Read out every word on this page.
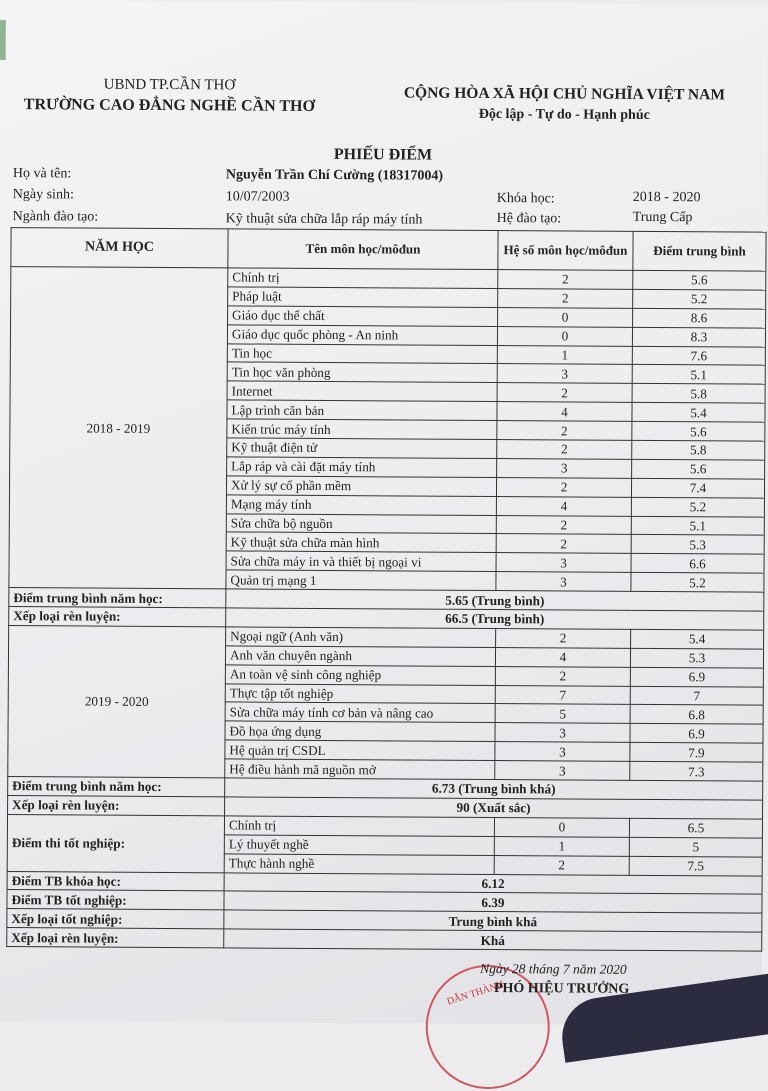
UBND TP.CẦN THƠ
TRƯỜNG CAO ĐẲNG NGHỀ CẦN THƠ
CỘNG HÒA XÃ HỘI CHỦ NGHĨA VIỆT NAM
Độc lập - Tự do - Hạnh phúc
PHIẾU ĐIỂM
Họ và tên:	Nguyễn Trần Chí Cường (18317004)
Ngày sinh:	10/07/2003	Khóa học:	2018 - 2020
Ngành đào tạo:	Kỹ thuật sửa chữa lắp ráp máy tính	Hệ đào tạo:	Trung Cấp
NĂM HỌC	Tên môn học/môđun	Hệ số môn học/môđun	Điểm trung bình
2018 - 2019	Chính trị	2	5.6
	Pháp luật	2	5.2
	Giáo dục thể chất	0	8.6
	Giáo dục quốc phòng - An ninh	0	8.3
	Tin học	1	7.6
	Tin học văn phòng	3	5.1
	Internet	2	5.8
	Lập trình căn bản	4	5.4
	Kiến trúc máy tính	2	5.6
	Kỹ thuật điện tử	2	5.8
	Lắp ráp và cài đặt máy tính	3	5.6
	Xử lý sự cố phần mềm	2	7.4
	Mạng máy tính	4	5.2
	Sửa chữa bộ nguồn	2	5.1
	Kỹ thuật sửa chữa màn hình	2	5.3
	Sửa chữa máy in và thiết bị ngoại vi	3	6.6
	Quản trị mạng 1	3	5.2
Điểm trung bình năm học:	5.65 (Trung bình)		
Xếp loại rèn luyện:	66.5 (Trung bình)		
2019 - 2020	Ngoại ngữ (Anh văn)	2	5.4
	Anh văn chuyên ngành	4	5.3
	An toàn vệ sinh công nghiệp	2	6.9
	Thực tập tốt nghiệp	7	7
	Sửa chữa máy tính cơ bản và nâng cao	5	6.8
	Đồ họa ứng dụng	3	6.9
	Hệ quản trị CSDL	3	7.9
	Hệ điều hành mã nguồn mở	3	7.3
Điểm trung bình năm học:	6.73 (Trung bình khá)		
Xếp loại rèn luyện:	90 (Xuất sắc)		
Điểm thi tốt nghiệp:	Chính trị	0	6.5
	Lý thuyết nghề	1	5
	Thực hành nghề	2	7.5
Điểm TB khóa học:	6.12		
Điểm TB tốt nghiệp:	6.39		
Xếp loại tốt nghiệp:	Trung bình khá		
Xếp loại rèn luyện:	Khá		
DẪN THÀNH
Ngày 28 tháng 7 năm 2020
PHÓ HIỆU TRƯỞNG
